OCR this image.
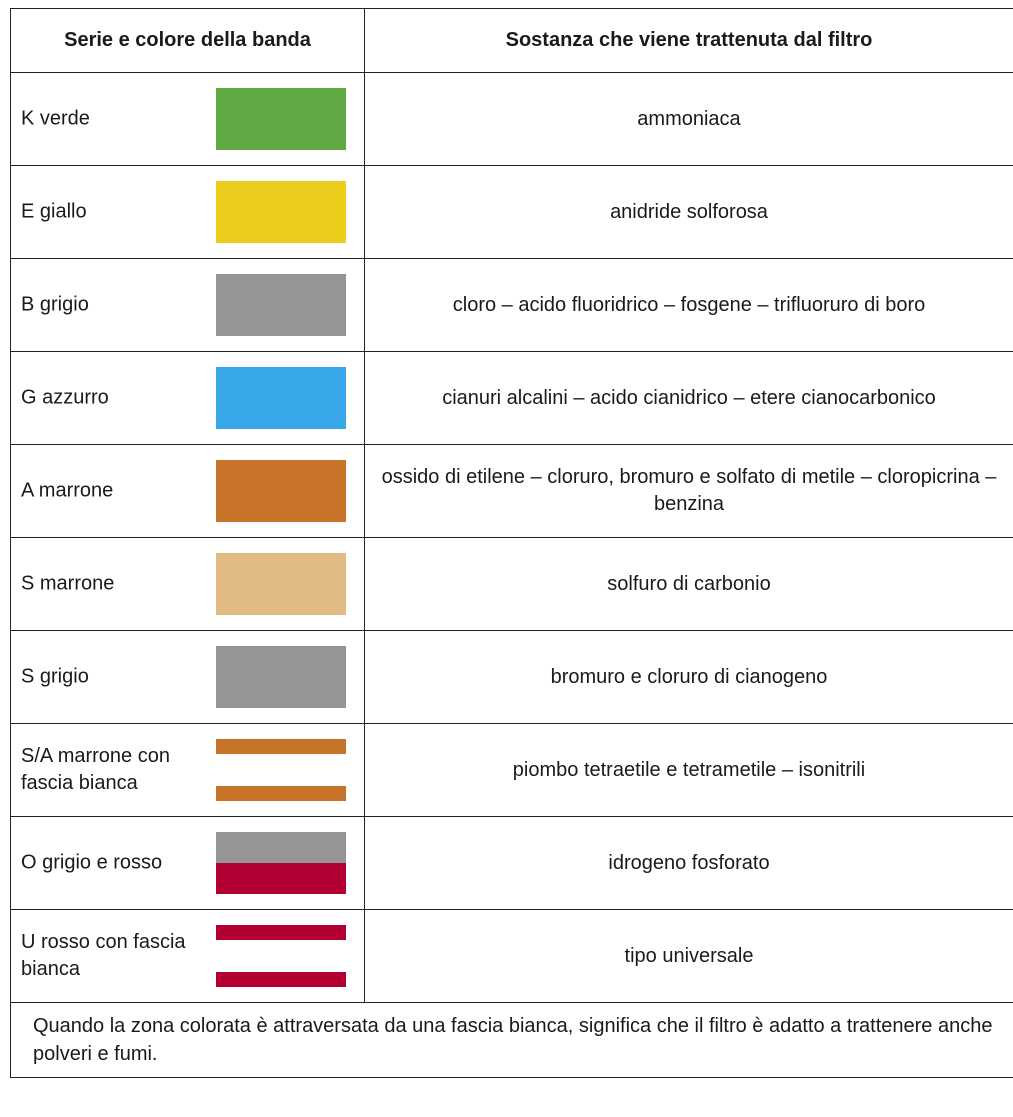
Serie e colore della banda	Sostanza che viene trattenuta dal filtro

K verde	ammoniaca

E giallo	anidride solforosa

B grigio	cloro – acido fluoridrico – fosgene – trifluoruro di boro

G azzurro	cianuri alcalini – acido cianidrico – etere cianocarbonico

A marrone	ossido di etilene – cloruro, bromuro e solfato di metile – cloropicrina – benzina

S marrone	solfuro di carbonio

S grigio	bromuro e cloruro di cianogeno

S/A marrone con fascia bianca	piombo tetraetile e tetrametile – isonitrili

O grigio e rosso	idrogeno fosforato

U rosso con fascia bianca	tipo universale
Quando la zona colorata è attraversata da una fascia bianca, significa che il filtro è adatto a trattenere anche polveri e fumi.	
